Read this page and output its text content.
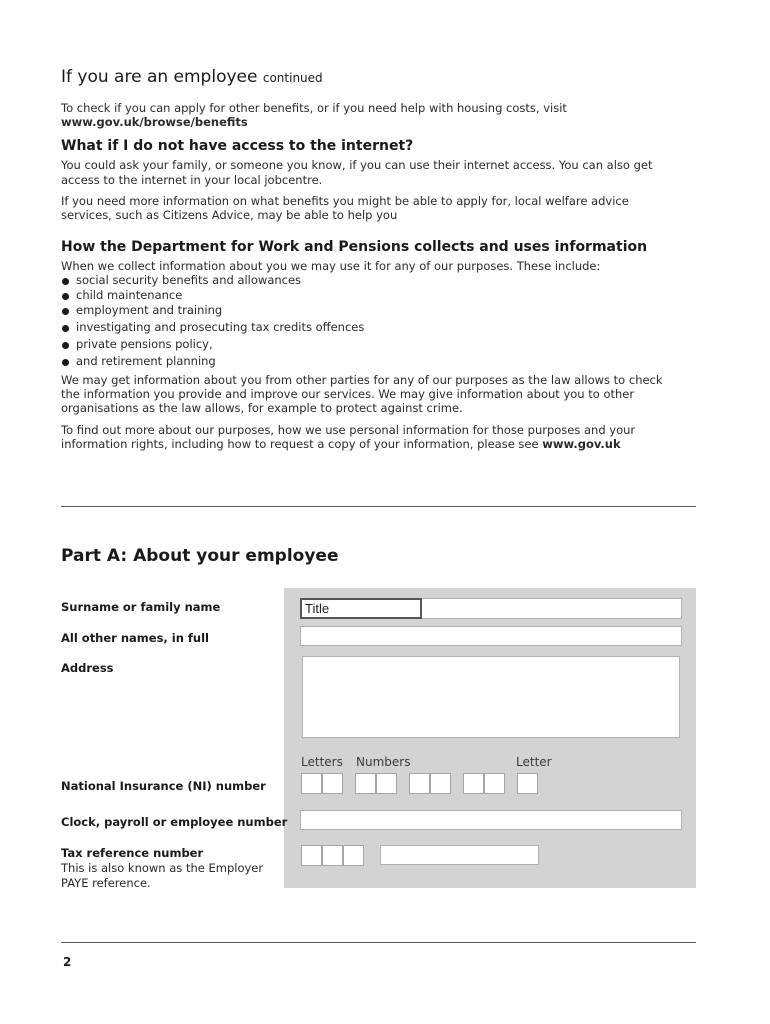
If you are an employee continued
To check if you can apply for other benefits, or if you need help with housing costs, visit
www.gov.uk/browse/benefits
What if I do not have access to the internet?
You could ask your family, or someone you know, if you can use their internet access. You can also get
access to the internet in your local jobcentre.
If you need more information on what benefits you might be able to apply for, local welfare advice
services, such as Citizens Advice, may be able to help you
How the Department for Work and Pensions collects and uses information
When we collect information about you we may use it for any of our purposes. These include:
social security benefits and allowances
child maintenance
employment and training
investigating and prosecuting tax credits offences
private pensions policy,
and retirement planning
We may get information about you from other parties for any of our purposes as the law allows to check
the information you provide and improve our services. We may give information about you to other
organisations as the law allows, for example to protect against crime.
To find out more about our purposes, how we use personal information for those purposes and your
information rights, including how to request a copy of your information, please see www.gov.uk
Part A: About your employee
Surname or family name	Title
All other names, in full
Address
Letters Numbers	Letter
National Insurance (NI) number
Clock, payroll or employee number
Tax reference number
This is also known as the Employer
PAYE reference.
2
